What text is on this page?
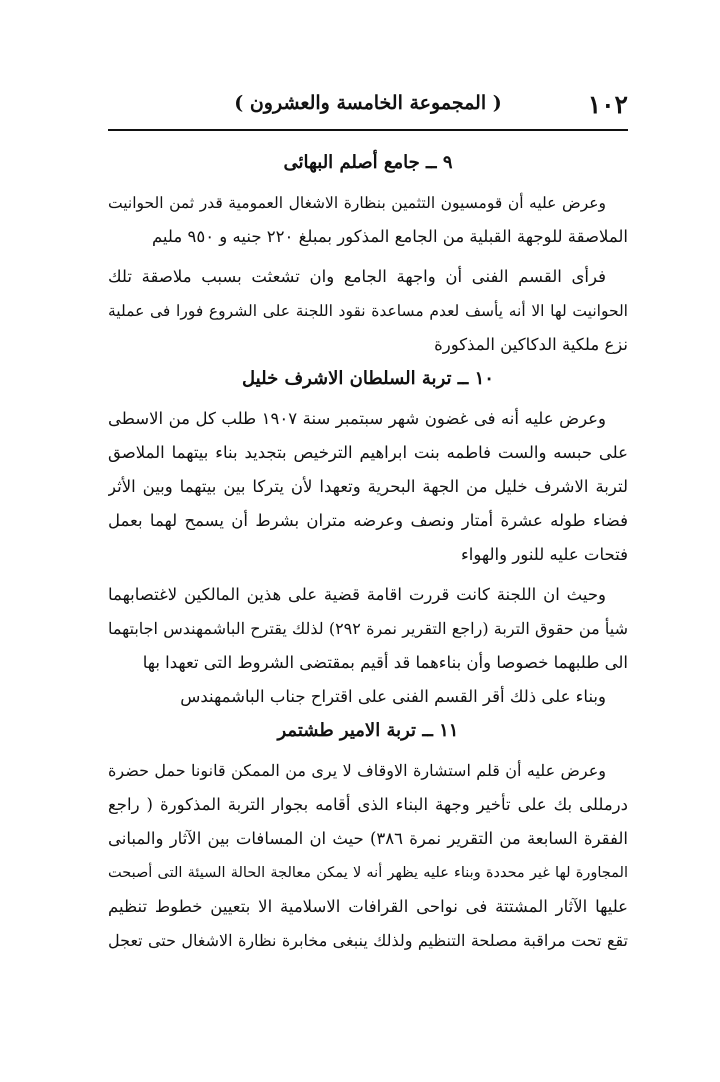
١٠٢
( المجموعة الخامسة والعشرون )
٩ ــ جامع أصلم البهائى
وعرض عليه أن قومسيون التثمين بنظارة الاشغال العمومية قدر ثمن الحوانيت
الملاصقة للوجهة القبلية من الجامع المذكور بمبلغ ٢٢٠ جنيه و ٩٥٠ مليم
فرأى القسم الفنى أن واجهة الجامع وان تشعثت بسبب ملاصقة تلك
الحوانيت لها الا أنه يأسف لعدم مساعدة نقود اللجنة على الشروع فورا فى عملية
نزع ملكية الدكاكين المذكورة
١٠ ــ تربة السلطان الاشرف خليل
وعرض عليه أنه فى غضون شهر سبتمبر سنة ١٩٠٧ طلب كل من الاسطى
على حبسه والست فاطمه بنت ابراهيم الترخيص بتجديد بناء بيتهما الملاصق
لتربة الاشرف خليل من الجهة البحرية وتعهدا لأن يتركا بين بيتهما وبين الأثر
فضاء طوله عشرة أمتار ونصف وعرضه متران بشرط أن يسمح لهما بعمل
فتحات عليه للنور والهواء
وحيث ان اللجنة كانت قررت اقامة قضية على هذين المالكين لاغتصابهما
شيأ من حقوق التربة (راجع التقرير نمرة ٢٩٢) لذلك يقترح الباشمهندس اجابتهما
الى طلبهما خصوصا وأن بناءهما قد أقيم بمقتضى الشروط التى تعهدا بها
وبناء على ذلك أقر القسم الفنى على اقتراح جناب الباشمهندس
١١ ــ تربة الامير طشتمر
وعرض عليه أن قلم استشارة الاوقاف لا يرى من الممكن قانونا حمل حضرة
درمللى بك على تأخير وجهة البناء الذى أقامه بجوار التربة المذكورة ( راجع
الفقرة السابعة من التقرير نمرة ٣٨٦) حيث ان المسافات بين الآثار والمبانى
المجاورة لها غير محددة وبناء عليه يظهر أنه لا يمكن معالجة الحالة السيئة التى أصبحت
عليها الآثار المشتتة فى نواحى القرافات الاسلامية الا بتعيين خطوط تنظيم
تقع تحت مراقبة مصلحة التنظيم ولذلك ينبغى مخابرة نظارة الاشغال حتى تعجل
